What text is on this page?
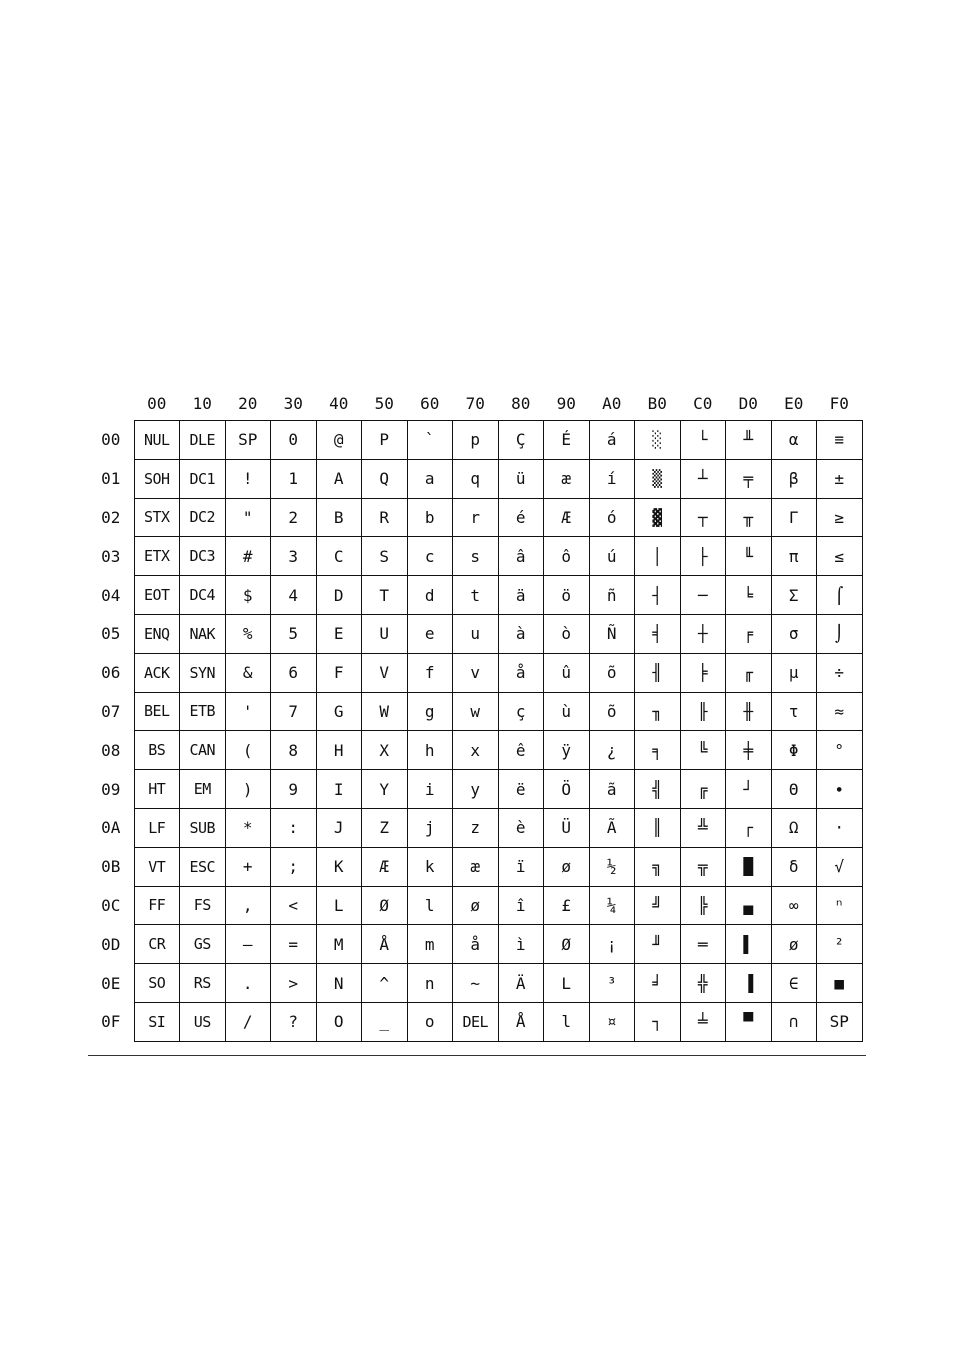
	00	10	20	30	40	50	60	70	80	90	A0	B0	C0	D0	E0	F0
00	NUL	DLE	SP	0	@	P	`	p	Ç	É	á	░	└	╨	α	≡
01	SOH	DC1	!	1	A	Q	a	q	ü	æ	í	▒	┴	╤	β	±
02	STX	DC2	"	2	B	R	b	r	é	Æ	ó	▓	┬	╥	Γ	≥
03	ETX	DC3	#	3	C	S	c	s	â	ô	ú	│	├	╙	π	≤
04	EOT	DC4	$	4	D	T	d	t	ä	ö	ñ	┤	─	╘	Σ	⌠
05	ENQ	NAK	%	5	E	U	e	u	à	ò	Ñ	╡	┼	╒	σ	⌡
06	ACK	SYN	&	6	F	V	f	v	å	û	õ	╢	╞	╓	µ	÷
07	BEL	ETB	'	7	G	W	g	w	ç	ù	õ	╖	╟	╫	τ	≈
08	BS	CAN	(	8	H	X	h	x	ê	ÿ	¿	╕	╚	╪	Φ	°
09	HT	EM	)	9	I	Y	i	y	ë	Ö	ã	╣	╔	┘	Θ	∙
0A	LF	SUB	*	:	J	Z	j	z	è	Ü	Ã	║	╩	┌	Ω	·
0B	VT	ESC	+	;	K	Æ	k	æ	ï	ø	½	╗	╦	█	δ	√
0C	FF	FS	,	<	L	Ø	l	ø	î	£	¼	╝	╠	▄	∞	ⁿ
0D	CR	GS	–	=	M	Å	m	å	ì	Ø	¡	╜	═	▌	ø	²
0E	SO	RS	.	>	N	^	n	~	Ä	L	³	╛	╬	▐	∈	■
0F	SI	US	/	?	O	_	o	DEL	Å	l	¤	┐	╧	▀	∩	SP
